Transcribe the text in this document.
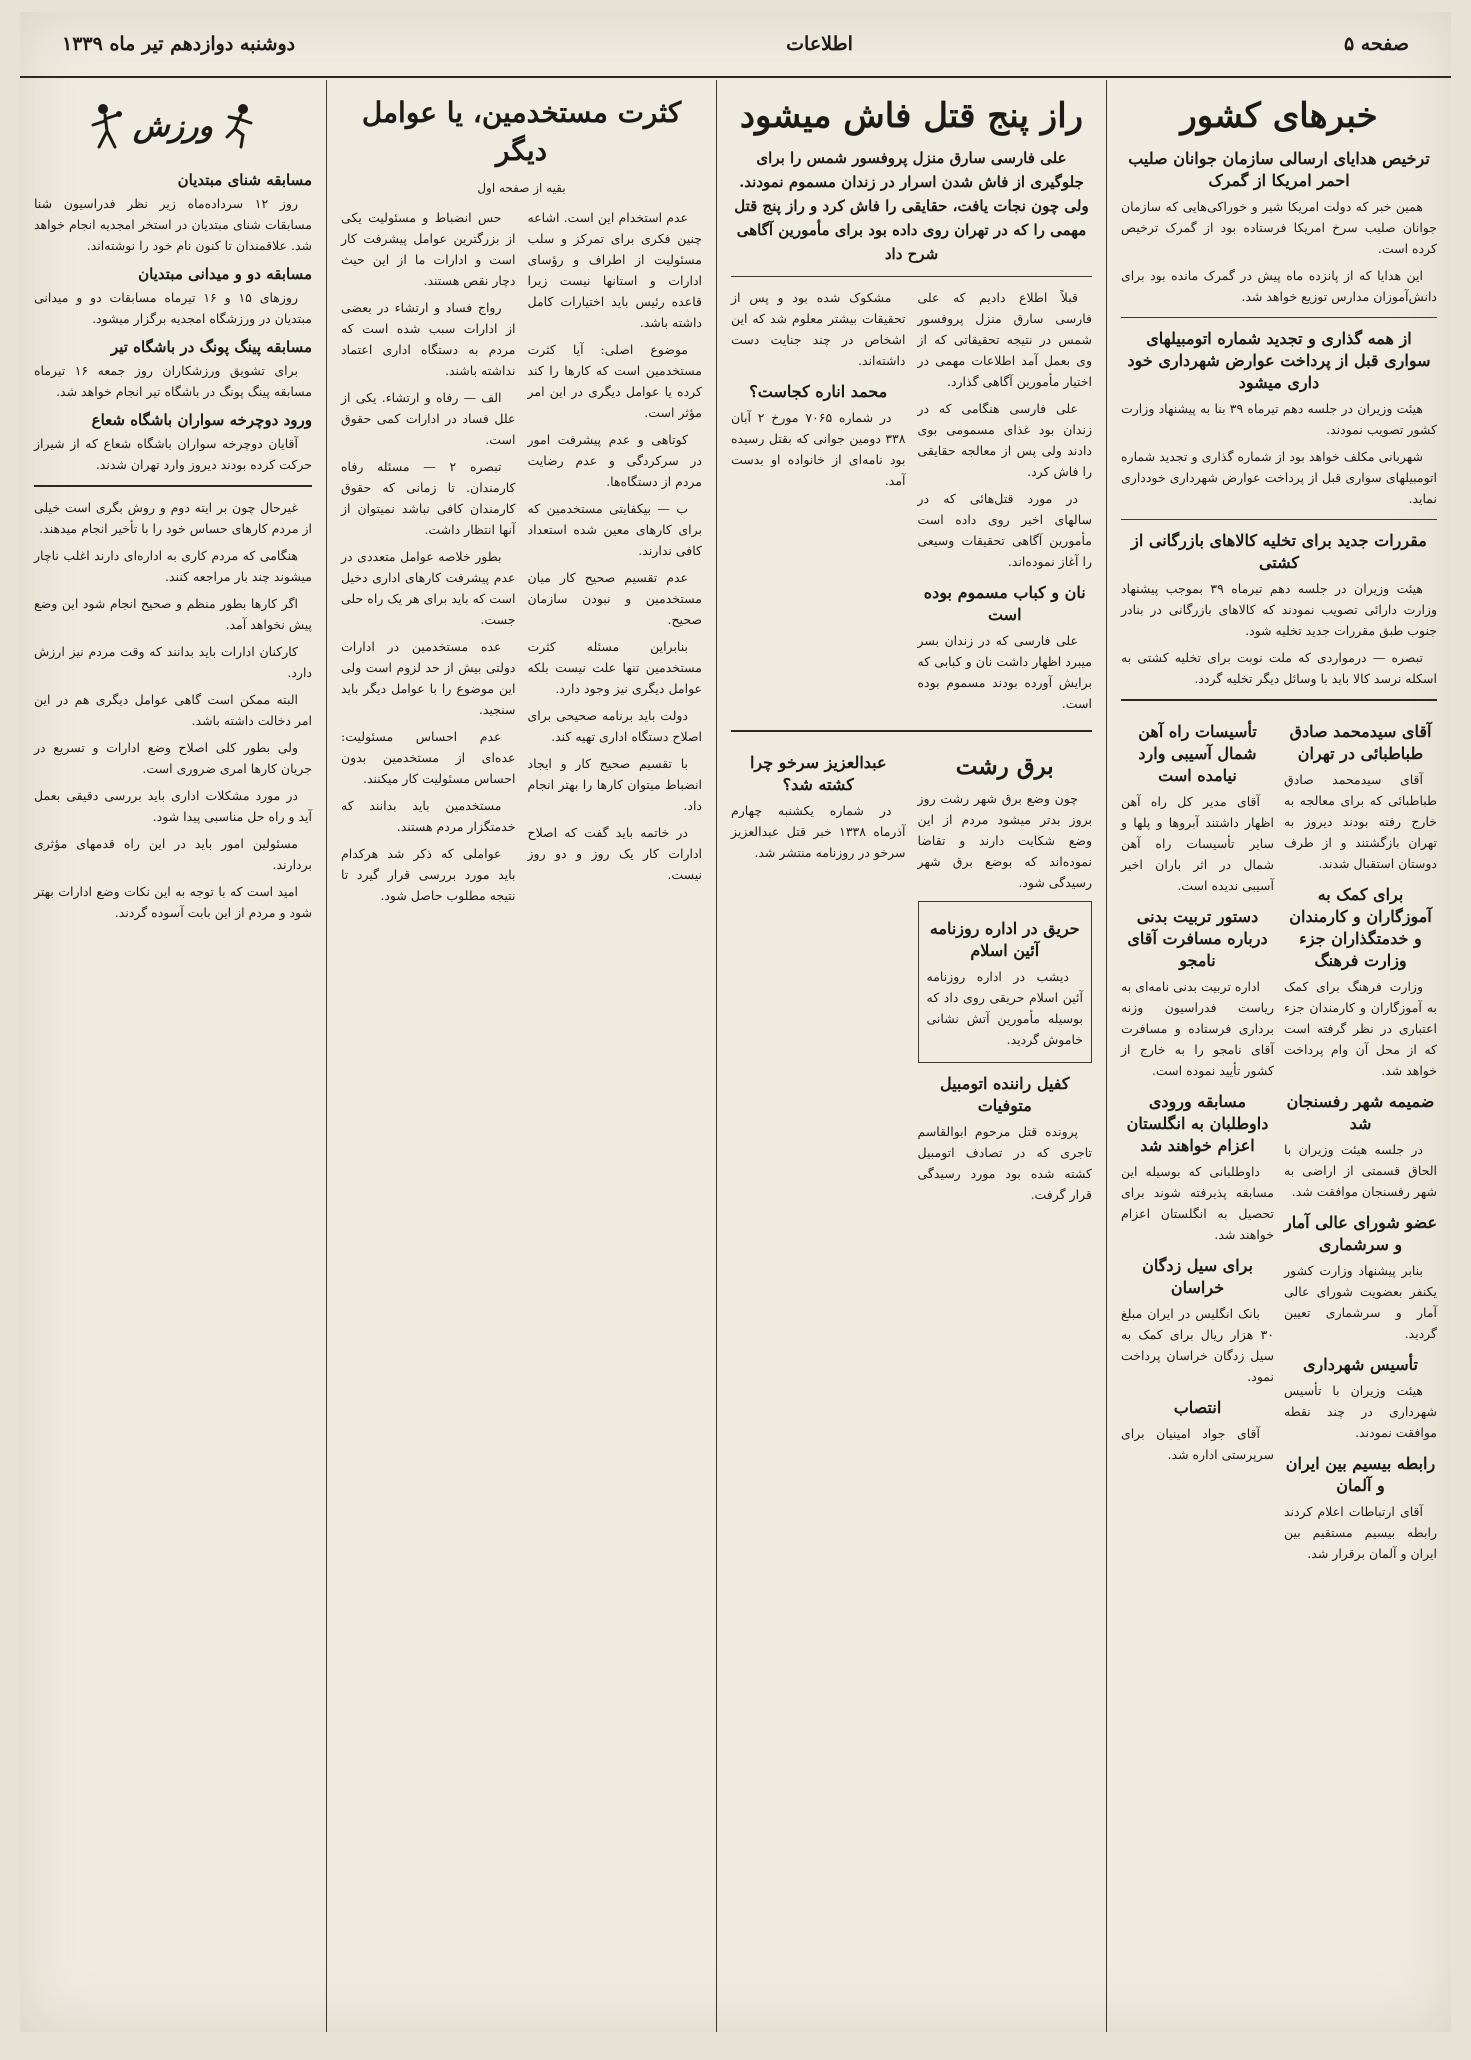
صفحه ۵
اطلاعات
دوشنبه دوازدهم تیر ماه ۱۳۳۹
خبرهای کشور
ترخیص هدایای ارسالی سازمان جوانان صلیب احمر امریکا از گمرک

همین خبر که دولت امریکا شیر و خوراکی‌هایی که سازمان جوانان صلیب سرخ امریکا فرستاده بود از گمرک ترخیص کرده است.

این هدایا که از پانزده ماه پیش در گمرک مانده بود برای دانش‌آموزان مدارس توزیع خواهد شد.

از همه گذاری و تجدید شماره اتومبیلهای سواری قبل از پرداخت عوارض شهرداری خود داری میشود

هیئت وزیران در جلسه دهم تیرماه ۳۹ بنا به پیشنهاد وزارت کشور تصویب نمودند.

شهربانی مکلف خواهد بود از شماره گذاری و تجدید شماره اتومبیلهای سواری قبل از پرداخت عوارض شهرداری خودداری نماید.

مقررات جدید برای تخلیه کالاهای بازرگانی از کشتی

هیئت وزیران در جلسه دهم تیرماه ۳۹ بموجب پیشنهاد وزارت دارائی تصویب نمودند که کالاهای بازرگانی در بنادر جنوب طبق مقررات جدید تخلیه شود.

تبصره — درمواردی که ملت نوبت برای تخلیه کشتی به اسکله نرسد کالا باید با وسائل دیگر تخلیه گردد.

آقای سیدمحمد صادق طباطبائی در تهران

آقای سیدمحمد صادق طباطبائی که برای معالجه به خارج رفته بودند دیروز به تهران بازگشتند و از طرف دوستان استقبال شدند.

برای کمک به آموزگاران و کارمندان و خدمتگذاران جزء وزارت فرهنگ

وزارت فرهنگ برای کمک به آموزگاران و کارمندان جزء اعتباری در نظر گرفته است که از محل آن وام پرداخت خواهد شد.

ضمیمه شهر رفسنجان شد

در جلسه هیئت وزیران با الحاق قسمتی از اراضی به شهر رفسنجان موافقت شد.

عضو شورای عالی آمار و سرشماری

بنابر پیشنهاد وزارت کشور یکنفر بعضویت شورای عالی آمار و سرشماری تعیین گردید.

تأسیس شهرداری

هیئت وزیران با تأسیس شهرداری در چند نقطه موافقت نمودند.

رابطه بیسیم بین ایران و آلمان

آقای ارتباطات اعلام کردند رابطه بیسیم مستقیم بین ایران و آلمان برقرار شد.

تأسیسات راه آهن شمال آسیبی وارد نیامده است

آقای مدیر کل راه آهن اظهار داشتند آبروها و پلها و سایر تأسیسات راه آهن شمال در اثر باران اخیر آسیبی ندیده است.

دستور تربیت بدنی درباره مسافرت آقای نامجو

اداره تربیت بدنی نامه‌ای به ریاست فدراسیون وزنه برداری فرستاده و مسافرت آقای نامجو را به خارج از کشور تأیید نموده است.

مسابقه ورودی داوطلبان به انگلستان اعزام خواهند شد

داوطلبانی که بوسیله این مسابقه پذیرفته شوند برای تحصیل به انگلستان اعزام خواهند شد.

برای سیل زدگان خراسان

بانک انگلیس در ایران مبلغ ۳۰ هزار ریال برای کمک به سیل زدگان خراسان پرداخت نمود.

انتصاب

آقای جواد امینیان برای سرپرستی اداره شد.

راز پنج قتل فاش میشود
علی فارسی سارق منزل پروفسور شمس را برای جلوگیری از فاش شدن اسرار در زندان مسموم نمودند. ولی چون نجات یافت، حقایقی را فاش کرد و راز پنج قتل مهمی را که در تهران روی داده بود برای مأمورین آگاهی شرح داد

قبلاً اطلاع دادیم که علی فارسی سارق منزل پروفسور شمس در نتیجه تحقیقاتی که از وی بعمل آمد اطلاعات مهمی در اختیار مأمورین آگاهی گذارد.

علی فارسی هنگامی که در زندان بود غذای مسمومی بوی دادند ولی پس از معالجه حقایقی را فاش کرد.

در مورد قتل‌هائی که در سالهای اخیر روی داده است مأمورین آگاهی تحقیقات وسیعی را آغاز نموده‌اند.

نان و کباب مسموم بوده است

علی فارسی که در زندان بسر میبرد اظهار داشت نان و کبابی که برایش آورده بودند مسموم بوده است.

مشکوک شده بود و پس از تحقیقات بیشتر معلوم شد که این اشخاص در چند جنایت دست داشته‌اند.

محمد اناره کجاست؟

در شماره ۷۰۶۵ مورخ ۲ آبان ۳۳۸ دومین جوانی که بقتل رسیده بود نامه‌ای از خانواده او بدست آمد.

برق رشت

چون وضع برق شهر رشت روز بروز بدتر میشود مردم از این وضع شکایت دارند و تقاضا نموده‌اند که بوضع برق شهر رسیدگی شود.

حریق در اداره روزنامه آئین اسلام

دیشب در اداره روزنامه آئین اسلام حریقی روی داد که بوسیله مأمورین آتش نشانی خاموش گردید.

کفیل راننده اتومبیل متوفیات

پرونده قتل مرحوم ابوالقاسم تاجری که در تصادف اتومبیل کشته شده بود مورد رسیدگی قرار گرفت.

عبدالعزیز سرخو چرا کشته شد؟

در شماره یکشنبه چهارم آذرماه ۱۳۳۸ خبر قتل عبدالعزیز سرخو در روزنامه منتشر شد.

کثرت مستخدمین، یا عوامل دیگر
بقیه از صفحه اول

عدم استخدام این است. اشاعه چنین فکری برای تمرکز و سلب مسئولیت از اطراف و رؤسای ادارات و استانها نیست زیرا قاعده رئیس باید اختیارات کامل داشته باشد.

موضوع اصلی: آیا کثرت مستخدمین است که کارها را کند کرده یا عوامل دیگری در این امر مؤثر است.

کوتاهی و عدم پیشرفت امور در سرکردگی و عدم رضایت مردم از دستگاه‌ها.

ب — بیکفایتی مستخدمین که برای کارهای معین شده استعداد کافی ندارند.

عدم تقسیم صحیح کار میان مستخدمین و نبودن سازمان صحیح.

بنابراین مسئله کثرت مستخدمین تنها علت نیست بلکه عوامل دیگری نیز وجود دارد.

دولت باید برنامه صحیحی برای اصلاح دستگاه اداری تهیه کند.

با تقسیم صحیح کار و ایجاد انضباط میتوان کارها را بهتر انجام داد.

در خاتمه باید گفت که اصلاح ادارات کار یک روز و دو روز نیست.

حس انضباط و مسئولیت یکی از بزرگترین عوامل پیشرفت کار است و ادارات ما از این حیث دچار نقص هستند.

رواج فساد و ارتشاء در بعضی از ادارات سبب شده است که مردم به دستگاه اداری اعتماد نداشته باشند.

الف — رفاه و ارتشاء. یکی از علل فساد در ادارات کمی حقوق است.

تبصره ۲ — مسئله رفاه کارمندان. تا زمانی که حقوق کارمندان کافی نباشد نمیتوان از آنها انتظار داشت.

بطور خلاصه عوامل متعددی در عدم پیشرفت کارهای اداری دخیل است که باید برای هر یک راه حلی جست.

عده مستخدمین در ادارات دولتی بیش از حد لزوم است ولی این موضوع را با عوامل دیگر باید سنجید.

عدم احساس مسئولیت: عده‌ای از مستخدمین بدون احساس مسئولیت کار میکنند.

مستخدمین باید بدانند که خدمتگزار مردم هستند.

عواملی که ذکر شد هرکدام باید مورد بررسی قرار گیرد تا نتیجه مطلوب حاصل شود.

ورزش
مسابقه شنای مبتدیان

روز ۱۲ سرداده‌ماه زیر نظر فدراسیون شنا مسابقات شنای مبتدیان در استخر امجدیه انجام خواهد شد. علاقمندان تا کنون نام خود را نوشته‌اند.

مسابقه دو و میدانی مبتدیان

روزهای ۱۵ و ۱۶ تیرماه مسابقات دو و میدانی مبتدیان در ورزشگاه امجدیه برگزار میشود.

مسابقه پینگ پونگ در باشگاه تیر

برای تشویق ورزشکاران روز جمعه ۱۶ تیرماه مسابقه پینگ پونگ در باشگاه تیر انجام خواهد شد.

ورود دوچرخه سواران باشگاه شعاع

آقایان دوچرخه سواران باشگاه شعاع که از شیراز حرکت کرده بودند دیروز وارد تهران شدند.

غیرحال چون بر ایته دوم و روش بگری است خیلی از مردم کارهای حساس خود را با تأخیر انجام میدهند.

هنگامی که مردم کاری به اداره‌ای دارند اغلب ناچار میشوند چند بار مراجعه کنند.

اگر کارها بطور منظم و صحیح انجام شود این وضع پیش نخواهد آمد.

کارکنان ادارات باید بدانند که وقت مردم نیز ارزش دارد.

البته ممکن است گاهی عوامل دیگری هم در این امر دخالت داشته باشد.

ولی بطور کلی اصلاح وضع ادارات و تسریع در جریان کارها امری ضروری است.

در مورد مشکلات اداری باید بررسی دقیقی بعمل آید و راه حل مناسبی پیدا شود.

مسئولین امور باید در این راه قدمهای مؤثری بردارند.

امید است که با توجه به این نکات وضع ادارات بهتر شود و مردم از این بابت آسوده گردند.
